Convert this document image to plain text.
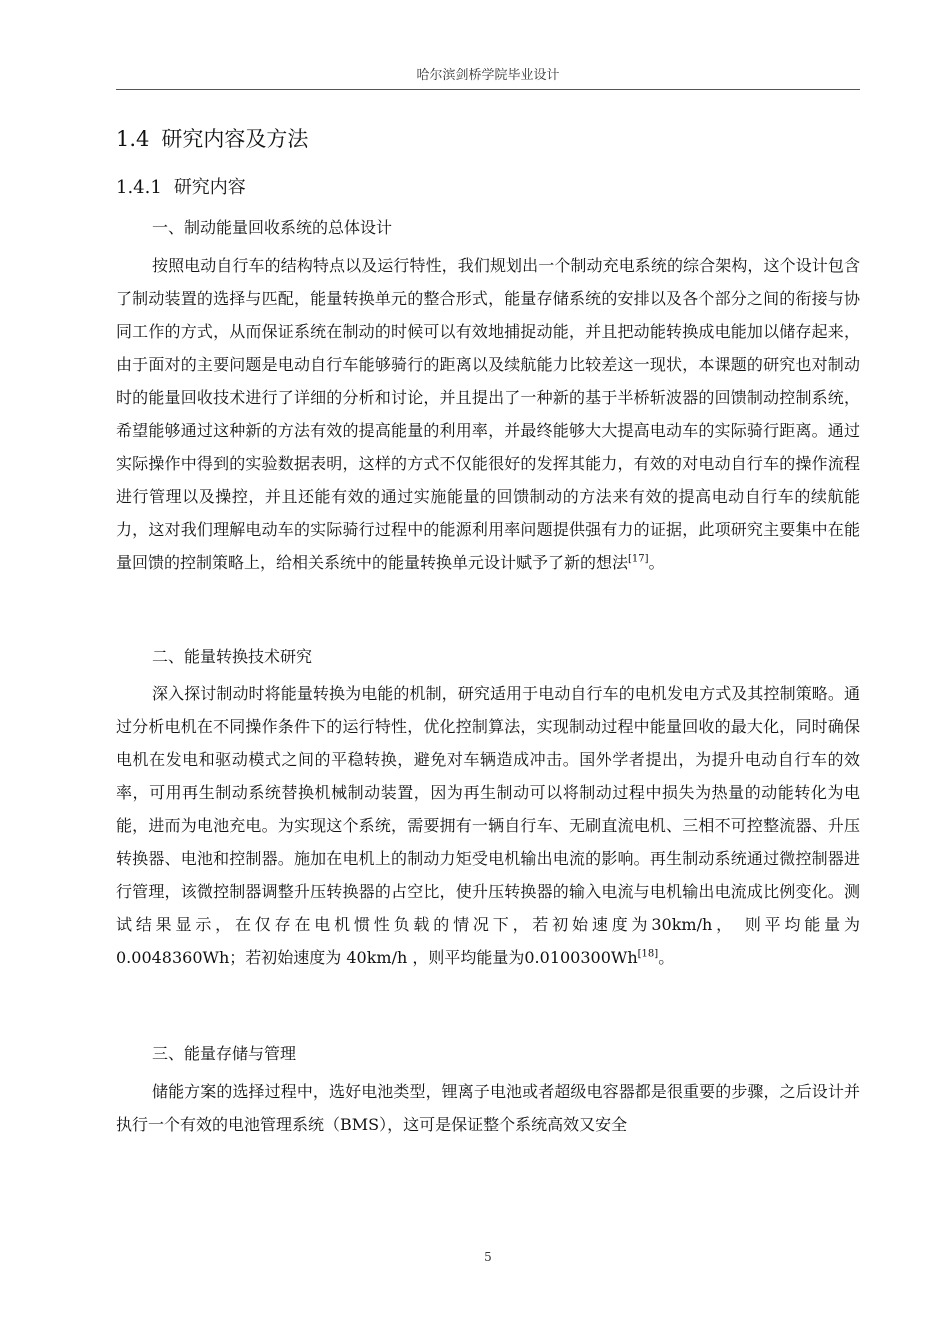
哈尔滨剑桥学院毕业设计
1.4 研究内容及方法
1.4.1 研究内容
一、制动能量回收系统的总体设计

按照电动自行车的结构特点以及运行特性，我们规划出一个制动充电系统的综合架构，这个设计包含了制动装置的选择与匹配，能量转换单元的整合形式，能量存储系统的安排以及各个部分之间的衔接与协同工作的方式，从而保证系统在制动的时候可以有效地捕捉动能，并且把动能转换成电能加以储存起来，由于面对的主要问题是电动自行车能够骑行的距离以及续航能力比较差这一现状，本课题的研究也对制动时的能量回收技术进行了详细的分析和讨论，并且提出了一种新的基于半桥斩波器的回馈制动控制系统，希望能够通过这种新的方法有效的提高能量的利用率，并最终能够大大提高电动车的实际骑行距离。通过实际操作中得到的实验数据表明，这样的方式不仅能很好的发挥其能力，有效的对电动自行车的操作流程进行管理以及操控，并且还能有效的通过实施能量的回馈制动的方法来有效的提高电动自行车的续航能力，这对我们理解电动车的实际骑行过程中的能源利用率问题提供强有力的证据，此项研究主要集中在能量回馈的控制策略上，给相关系统中的能量转换单元设计赋予了新的想法[17]。

二、能量转换技术研究

深入探讨制动时将能量转换为电能的机制，研究适用于电动自行车的电机发电方式及其控制策略。通过分析电机在不同操作条件下的运行特性，优化控制算法，实现制动过程中能量回收的最大化，同时确保电机在发电和驱动模式之间的平稳转换，避免对车辆造成冲击。国外学者提出，为提升电动自行车的效率，可用再生制动系统替换机械制动装置，因为再生制动可以将制动过程中损失为热量的动能转化为电能，进而为电池充电。为实现这个系统，需要拥有一辆自行车、无刷直流电机、三相不可控整流器、升压转换器、电池和控制器。施加在电机上的制动力矩受电机输出电流的影响。再生制动系统通过微控制器进行管理，该微控制器调整升压转换器的占空比，使升压转换器的输入电流与电机输出电流成比例变化。测试结果显示，在仅存在电机惯性负载的情况下，若初始速度为30km/h， 则平均能量为 0.0048360Wh；若初始速度为 40km/h ，则平均能量为0.0100300Wh[18]。

三、能量存储与管理

储能方案的选择过程中，选好电池类型，锂离子电池或者超级电容器都是很重要的步骤，之后设计并执行一个有效的电池管理系统（BMS），这可是保证整个系统高效又安全

5
